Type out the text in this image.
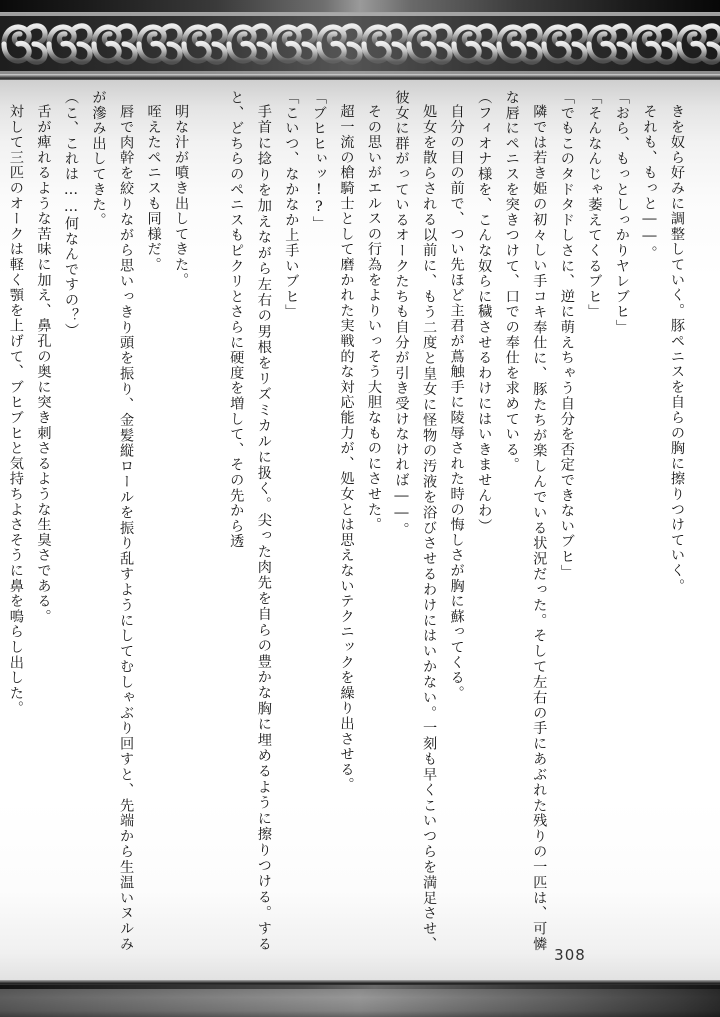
きを奴ら好みに調整していく。豚ペニスを自らの胸に擦りつけていく。

それも、もっと――。

「おら、もっとしっかりヤレブヒ」

「そんなんじゃ萎えてくるブヒ」

「でもこのタドタドしさに、逆に萌えちゃう自分を否定できないブヒ」

隣では若き姫の初々しい手コキ奉仕に、豚たちが楽しんでいる状況だった。そして左右の手にあぶれた残りの一匹は、可憐な唇にペニスを突きつけて、口での奉仕を求めている。

（フィオナ様を、こんな奴らに穢させるわけにはいきませんわ）

自分の目の前で、つい先ほど主君が蔦触手に陵辱された時の悔しさが胸に蘇ってくる。

処女を散らされる以前に、もう二度と皇女に怪物の汚液を浴びさせるわけにはいかない。一刻も早くこいつらを満足させ、彼女に群がっているオークたちも自分が引き受けなければ――。

その思いがエルスの行為をよりいっそう大胆なものにさせた。

超一流の槍騎士として磨かれた実戦的な対応能力が、処女とは思えないテクニックを繰り出させる。

「ブヒヒぃッ!?」

「こいつ、なかなか上手いブヒ」

手首に捻りを加えながら左右の男根をリズミカルに扱く。尖った肉先を自らの豊かな胸に埋めるように擦りつける。すると、どちらのペニスもピクリとさらに硬度を増して、その先から透

明な汁が噴き出してきた。

咥えたペニスも同様だ。

唇で肉幹を絞りながら思いっきり頭を振り、金髪縦ロールを振り乱すようにしてむしゃぶり回すと、先端から生温いヌルみが滲み出してきた。

（こ、これは……何なんですの？）

舌が痺れるような苦味に加え、鼻孔の奥に突き刺さるような生臭さである。

対して三匹のオークは軽く顎を上げて、ブヒブヒと気持ちよさそうに鼻を鳴らし出した。

308
